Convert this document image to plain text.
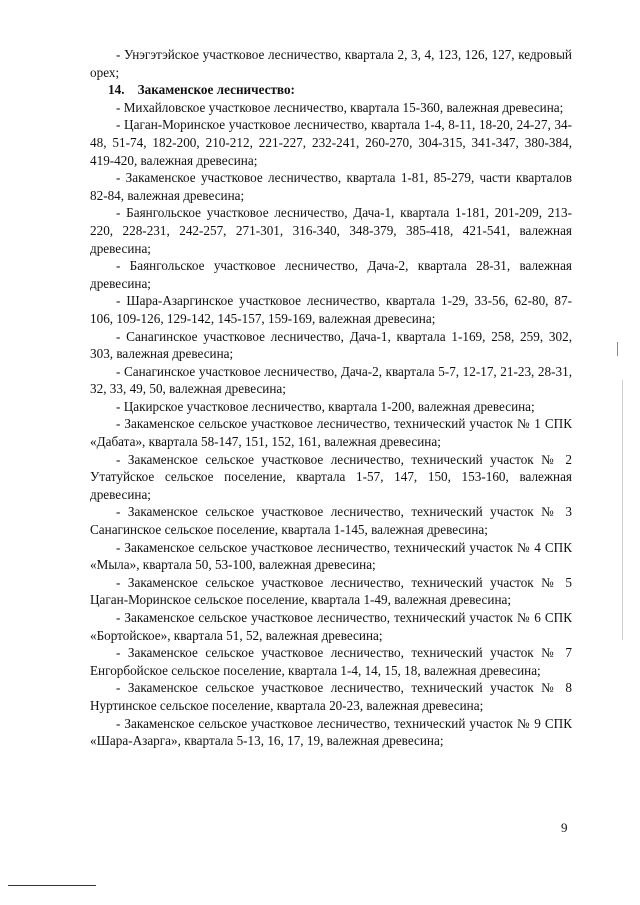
- Унэгэтэйское участковое лесничество, квартала 2, 3, 4, 123, 126, 127, кедровый орех;

14. Закаменское лесничество:

- Михайловское участковое лесничество, квартала 15-360, валежная древесина;

- Цаган-Моринское участковое лесничество, квартала 1-4, 8-11, 18-20, 24-27, 34-48, 51-74, 182-200, 210-212, 221-227, 232-241, 260-270, 304-315, 341-347, 380-384, 419-420, валежная древесина;

- Закаменское участковое лесничество, квартала 1-81, 85-279, части кварталов 82-84, валежная древесина;

- Баянгольское участковое лесничество, Дача-1, квартала 1-181, 201-209, 213-220, 228-231, 242-257, 271-301, 316-340, 348-379, 385-418, 421-541, валежная древесина;

- Баянгольское участковое лесничество, Дача-2, квартала 28-31, валежная древесина;

- Шара-Азаргинское участковое лесничество, квартала 1-29, 33-56, 62-80, 87-106, 109-126, 129-142, 145-157, 159-169, валежная древесина;

- Санагинское участковое лесничество, Дача-1, квартала 1-169, 258, 259, 302, 303, валежная древесина;

- Санагинское участковое лесничество, Дача-2, квартала 5-7, 12-17, 21-23, 28-31, 32, 33, 49, 50, валежная древесина;

- Цакирское участковое лесничество, квартала 1-200, валежная древесина;

- Закаменское сельское участковое лесничество, технический участок № 1 СПК «Дабата», квартала 58-147, 151, 152, 161, валежная древесина;

- Закаменское сельское участковое лесничество, технический участок № 2 Утатуйское сельское поселение, квартала 1-57, 147, 150, 153-160, валежная древесина;

- Закаменское сельское участковое лесничество, технический участок № 3 Санагинское сельское поселение, квартала 1-145, валежная древесина;

- Закаменское сельское участковое лесничество, технический участок № 4 СПК «Мыла», квартала 50, 53-100, валежная древесина;

- Закаменское сельское участковое лесничество, технический участок № 5 Цаган-Моринское сельское поселение, квартала 1-49, валежная древесина;

- Закаменское сельское участковое лесничество, технический участок № 6 СПК «Бортойское», квартала 51, 52, валежная древесина;

- Закаменское сельское участковое лесничество, технический участок № 7 Енгорбойское сельское поселение, квартала 1-4, 14, 15, 18, валежная древесина;

- Закаменское сельское участковое лесничество, технический участок № 8 Нуртинское сельское поселение, квартала 20-23, валежная древесина;

- Закаменское сельское участковое лесничество, технический участок № 9 СПК «Шара-Азарга», квартала 5-13, 16, 17, 19, валежная древесина;

9
